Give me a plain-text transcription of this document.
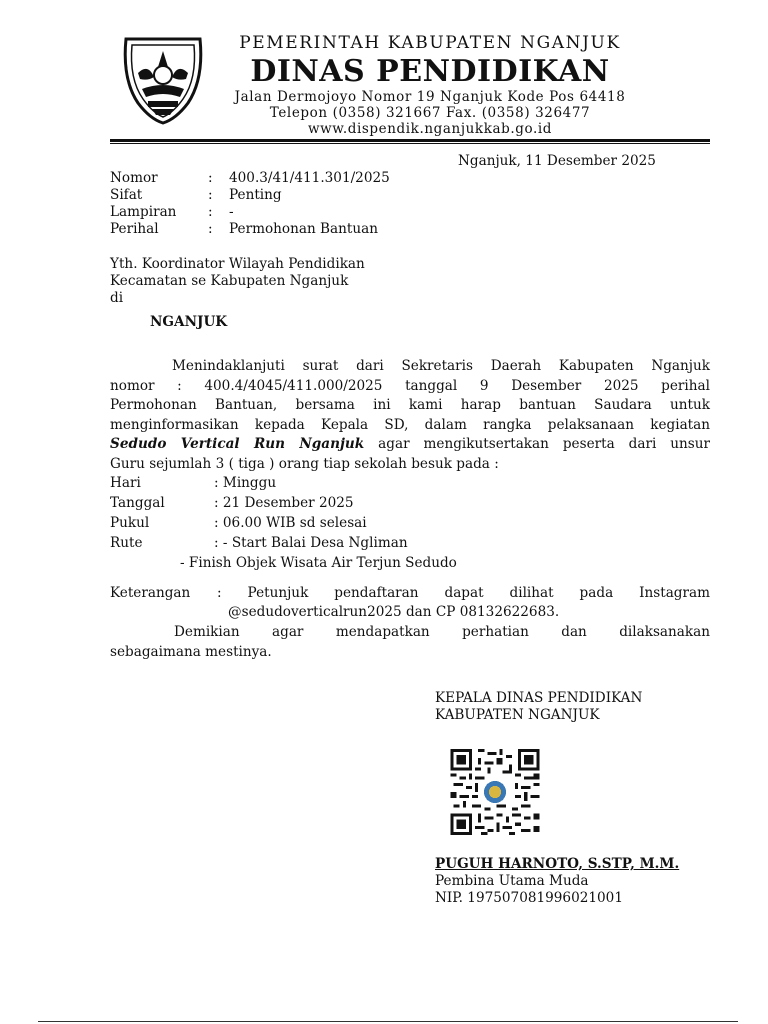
PEMERINTAH KABUPATEN NGANJUK
DINAS PENDIDIKAN
Jalan Dermojoyo Nomor 19 Nganjuk Kode Pos 64418
Telepon (0358) 321667 Fax. (0358) 326477
www.dispendik.nganjukkab.go.id
Nganjuk, 11 Desember 2025
Nomor	: 400.3/41/411.301/2025
Sifat	: Penting
Lampiran	: -
Perihal	: Permohonan Bantuan
Yth. Koordinator Wilayah Pendidikan
Kecamatan se Kabupaten Nganjuk
di
NGANJUK
Menindaklanjuti surat dari Sekretaris Daerah Kabupaten Nganjuk
nomor : 400.4/4045/411.000/2025 tanggal 9 Desember 2025 perihal
Permohonan Bantuan, bersama ini kami harap bantuan Saudara untuk
menginformasikan kepada Kepala SD, dalam rangka pelaksanaan kegiatan
Sedudo Vertical Run Nganjuk agar mengikutsertakan peserta dari unsur
Guru sejumlah 3 ( tiga ) orang tiap sekolah besuk pada :
Hari	: Minggu
Tanggal	: 21 Desember 2025
Pukul	: 06.00 WIB sd selesai
Rute	: - Start Balai Desa Ngliman
- Finish Objek Wisata Air Terjun Sedudo
Keterangan : Petunjuk pendaftaran dapat dilihat pada Instagram
@sedudoverticalrun2025 dan CP 08132622683.
Demikian agar mendapatkan perhatian dan dilaksanakan
sebagaimana mestinya.
KEPALA DINAS PENDIDIKAN
KABUPATEN NGANJUK
PUGUH HARNOTO, S.STP, M.M.
Pembina Utama Muda
NIP. 197507081996021001
